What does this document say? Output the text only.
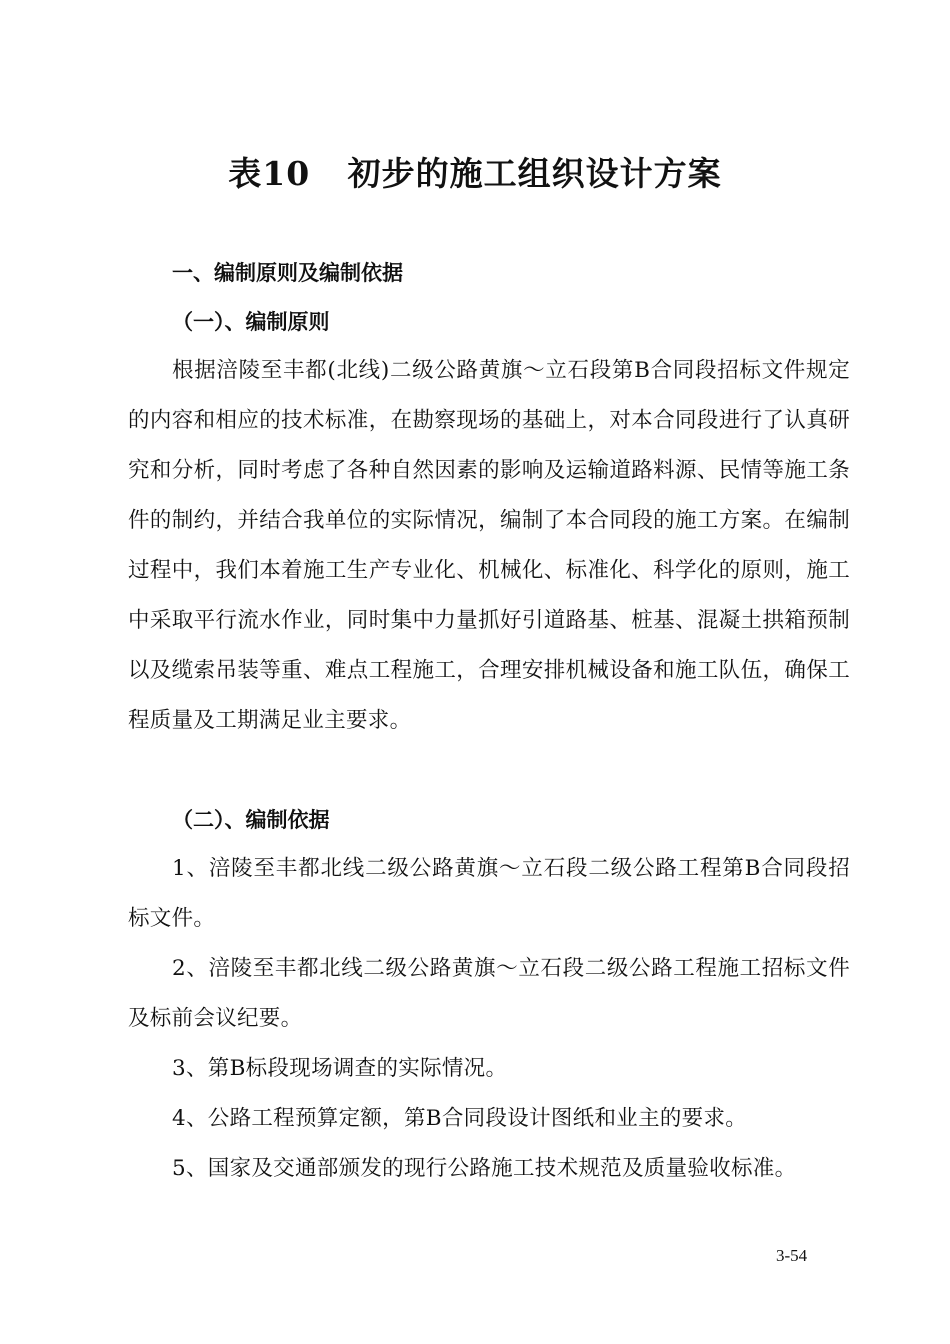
表10   初步的施工组织设计方案
一、编制原则及编制依据
（一）、编制原则

根据涪陵至丰都(北线)二级公路黄旗～立石段第B合同段招标文件规定的内容和相应的技术标准，在勘察现场的基础上，对本合同段进行了认真研究和分析，同时考虑了各种自然因素的影响及运输道路料源、民情等施工条件的制约，并结合我单位的实际情况，编制了本合同段的施工方案。在编制过程中，我们本着施工生产专业化、机械化、标准化、科学化的原则，施工中采取平行流水作业，同时集中力量抓好引道路基、桩基、混凝土拱箱预制以及缆索吊装等重、难点工程施工，合理安排机械设备和施工队伍，确保工程质量及工期满足业主要求。

（二）、编制依据
1、涪陵至丰都北线二级公路黄旗～立石段二级公路工程第B合同段招标文件。
2、涪陵至丰都北线二级公路黄旗～立石段二级公路工程施工招标文件及标前会议纪要。
3、第B标段现场调查的实际情况。
4、公路工程预算定额，第B合同段设计图纸和业主的要求。
5、国家及交通部颁发的现行公路施工技术规范及质量验收标准。
3-54
